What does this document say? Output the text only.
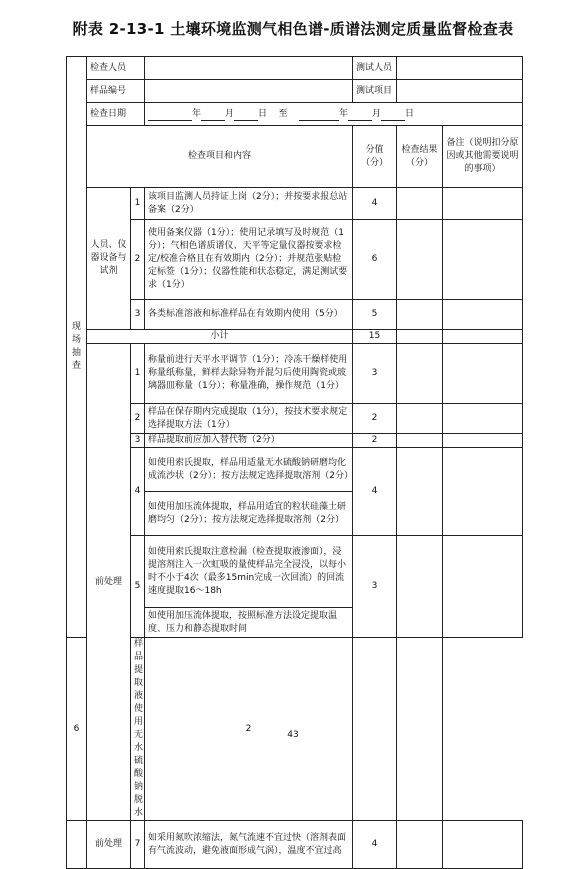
附表 2-13-1 土壤环境监测气相色谱-质谱法测定质量监督检查表
现
场
抽
查	检查人员			测试人员		
	样品编号			测试项目		
	检查日期		年 月 日 至 年 月 日			
	检查项目和内容			分值（分）	检查结果（分）	备注（说明扣分原因或其他需要说明的事项）
	人员、仪器设备与试剂	1	该项目监测人员持证上岗（2分）；并按要求报总站备案（2分）	4		
		2	使用备案仪器（1分）；使用记录填写及时规范（1分）；气相色谱质谱仪、天平等定量仪器按要求检定/校准合格且在有效期内（2分）；并规范张贴检定标签（1分）；仪器性能和状态稳定，满足测试要求（1分）	6		
		3	各类标准溶液和标准样品在有效期内使用（5分）	5		
	小计			15		
	前处理	1	称量前进行天平水平调节（1分）；冷冻干燥样使用称量纸称量，鲜样去除异物并混匀后使用陶瓷或玻璃器皿称量（1分）；称量准确，操作规范（1分）	3		
		2	样品在保存期内完成提取（1分），按技术要求规定选择提取方法（1分）	2		
		3	样品提取前应加入替代物（2分）	2		
		4	如使用索氏提取，样品用适量无水硫酸钠研磨均化成流沙状（2分）；按方法规定选择提取溶剂（2分）	4		
			如使用加压流体提取，样品用适宜的粒状硅藻土研磨均匀（2分）；按方法规定选择提取溶剂（2分）			
		5	如使用索氏提取注意检漏（检查提取液渗面），浸提溶剂注入一次虹吸的量使样品完全浸没，以每小时不小于4次（最多15min完成一次回流）的回流速度提取16～18h	3		
			如使用加压流体提取，按照标准方法设定提取温度、压力和静态提取时间			
6		样品提取液使用无水硫酸钠脱水	2			
	前处理	7	如采用氮吹浓缩法，氮气流速不宜过快（溶剂表面有气流波动，避免液面形成气涡），温度不宜过高	4		
43
